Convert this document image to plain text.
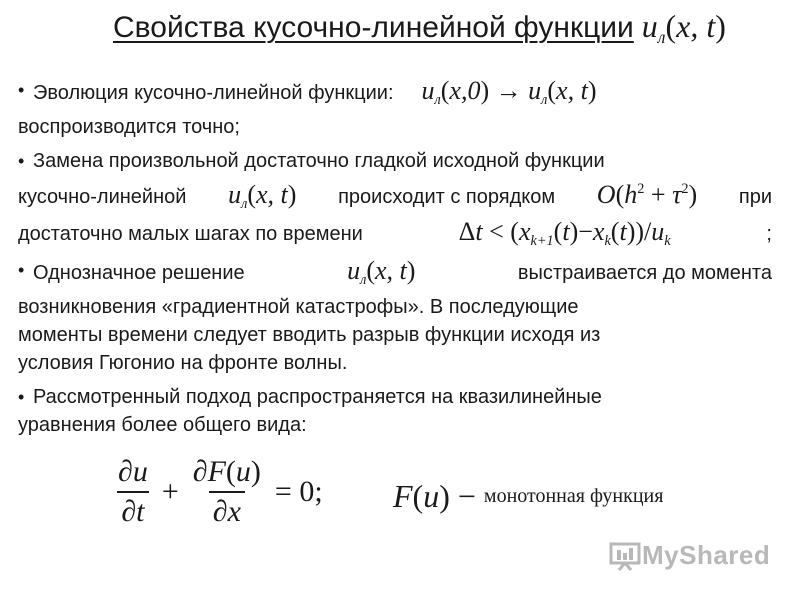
Свойства кусочно-линейной функции $u_л(x$, t)
• Эволюция кусочно-линейной функции: $u_л(x,0) \to u_л(x$, t)
воспроизводится точно;
• Замена произвольной достаточно гладкой исходной функции
кусочно-линейной $u_л(x$, t) происходит с порядком $O(h^2 + \tau^2)$ при
достаточно малых шагах по времени	$\Delta t < (x_{k+1}(t)-x_k(t))/u_k$	;
• Однозначное решение	$u_л(x$, t)	выстраивается до момента
возникновения «градиентной катастрофы». В последующие
моменты времени следует вводить разрыв функции исходя из
условия Гюгонио на фронте волны.
• Рассмотренный подход распространяется на квазилинейные
уравнения более общего вида:
$\frac{\partial u}{\partial t} + \frac{\partial F(u)}{\partial x} = 0$; F(u) − монотонная функция
MyShared
